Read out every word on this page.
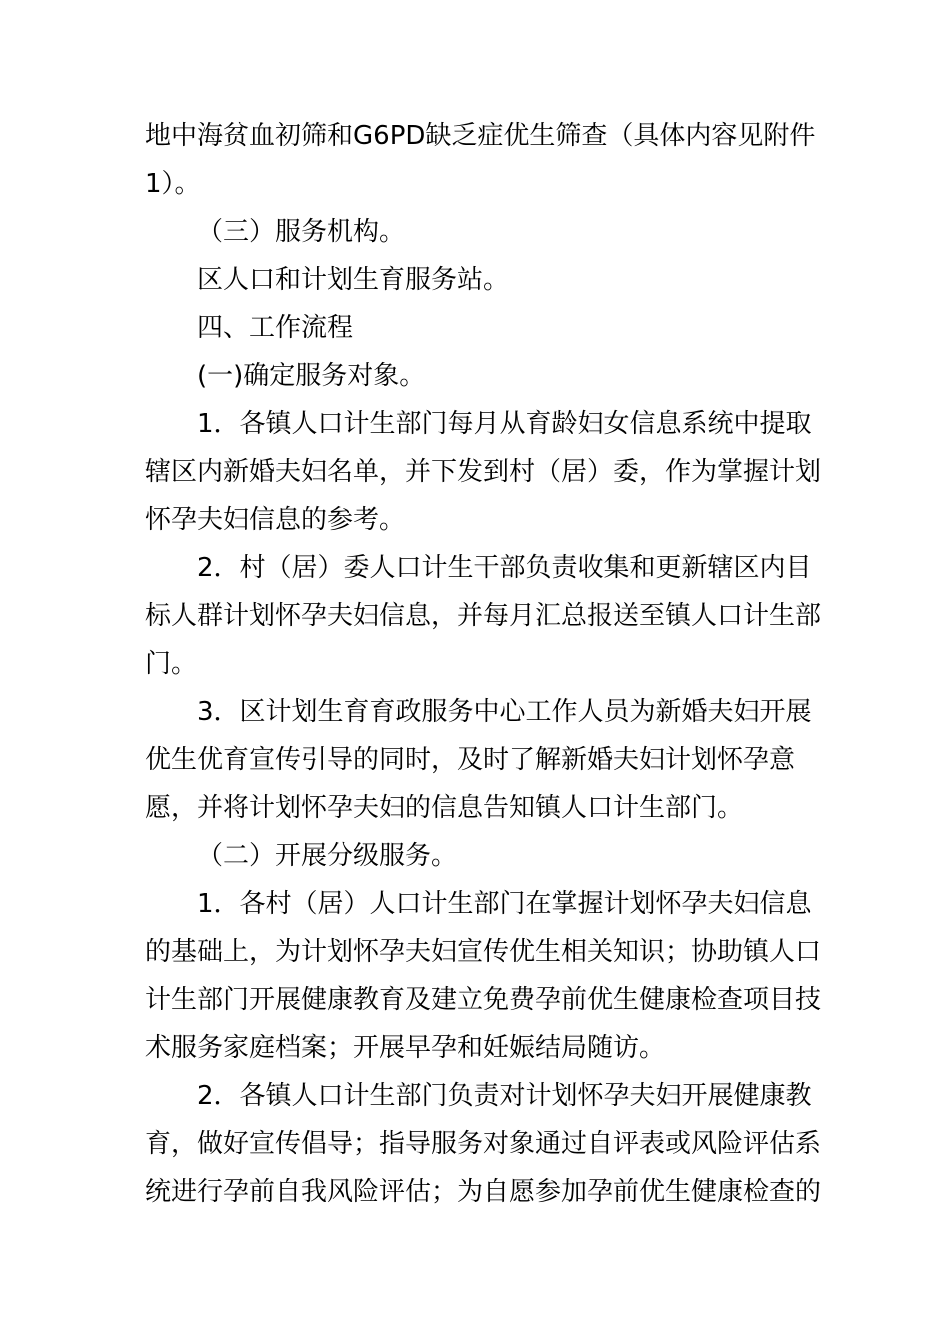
地中海贫血初筛和G6PD缺乏症优生筛查（具体内容见附件1）。

（三）服务机构。

区人口和计划生育服务站。

四、工作流程

(一)确定服务对象。

1．各镇人口计生部门每月从育龄妇女信息系统中提取辖区内新婚夫妇名单，并下发到村（居）委，作为掌握计划怀孕夫妇信息的参考。

2．村（居）委人口计生干部负责收集和更新辖区内目标人群计划怀孕夫妇信息，并每月汇总报送至镇人口计生部门。

3．区计划生育育政服务中心工作人员为新婚夫妇开展优生优育宣传引导的同时，及时了解新婚夫妇计划怀孕意愿，并将计划怀孕夫妇的信息告知镇人口计生部门。

（二）开展分级服务。

1．各村（居）人口计生部门在掌握计划怀孕夫妇信息的基础上，为计划怀孕夫妇宣传优生相关知识；协助镇人口计生部门开展健康教育及建立免费孕前优生健康检查项目技术服务家庭档案；开展早孕和妊娠结局随访。

2．各镇人口计生部门负责对计划怀孕夫妇开展健康教育，做好宣传倡导；指导服务对象通过自评表或风险评估系统进行孕前自我风险评估；为自愿参加孕前优生健康检查的
